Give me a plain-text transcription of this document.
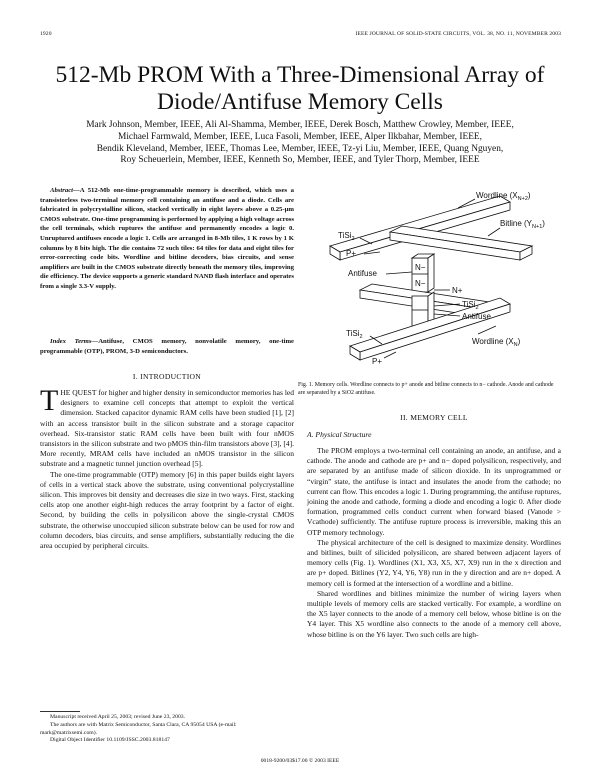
1920	IEEE JOURNAL OF SOLID-STATE CIRCUITS, VOL. 38, NO. 11, NOVEMBER 2003
512-Mb PROM With a Three-Dimensional Array of
Diode/Antifuse Memory Cells
Mark Johnson, Member, IEEE, Ali Al-Shamma, Member, IEEE, Derek Bosch, Matthew Crowley, Member, IEEE,
Michael Farmwald, Member, IEEE, Luca Fasoli, Member, IEEE, Alper Ilkbahar, Member, IEEE,
Bendik Kleveland, Member, IEEE, Thomas Lee, Member, IEEE, Tz-yi Liu, Member, IEEE, Quang Nguyen,
Roy Scheuerlein, Member, IEEE, Kenneth So, Member, IEEE, and Tyler Thorp, Member, IEEE

Abstract—A 512-Mb one-time-programmable memory is described, which uses a transistorless two-terminal memory cell containing an antifuse and a diode. Cells are fabricated in polycrystalline silicon, stacked vertically in eight layers above a 0.25-μm CMOS substrate. One-time programming is performed by applying a high voltage across the cell terminals, which ruptures the antifuse and permanently encodes a logic 0. Unruptured antifuses encode a logic 1. Cells are arranged in 8-Mb tiles, 1 K rows by 1 K columns by 8 bits high. The die contains 72 such tiles: 64 tiles for data and eight tiles for error-correcting code bits. Wordline and bitline decoders, bias circuits, and sense amplifiers are built in the CMOS substrate directly beneath the memory tiles, improving die efficiency. The device supports a generic standard NAND flash interface and operates from a single 3.3-V supply.

Index Terms—Antifuse, CMOS memory, nonvolatile memory, one-time programmable (OTP), PROM, 3-D semiconductors.

I. INTRODUCTION

THE QUEST for higher and higher density in semiconductor memories has led designers to examine cell concepts that attempt to exploit the vertical dimension. Stacked capacitor dynamic RAM cells have been studied [1], [2] with an access transistor built in the silicon substrate and a storage capacitor overhead. Six-transistor static RAM cells have been built with four nMOS transistors in the silicon substrate and two pMOS thin-film transistors above [3], [4]. More recently, MRAM cells have included an nMOS transistor in the silicon substrate and a magnetic tunnel junction overhead [5].

The one-time programmable (OTP) memory [6] in this paper builds eight layers of cells in a vertical stack above the substrate, using conventional polycrystalline silicon. This improves bit density and decreases die size in two ways. First, stacking cells atop one another eight-high reduces the array footprint by a factor of eight. Second, by building the cells in polysilicon above the single-crystal CMOS substrate, the otherwise unoccupied silicon substrate below can be used for row and column decoders, bias circuits, and sense amplifiers, substantially reducing the die area occupied by peripheral circuits.

Manuscript received April 25, 2003; revised June 23, 2003.
The authors are with Matrix Semiconductor, Santa Clara, CA 95054 USA (e-mail: mark@matrixsemi.com).
Digital Object Identifier 10.1109/JSSC.2003.818147
Wordline $(X_{N+2})$
Bitline $(Y_{N+1})$
TiSi$_2$
P+
Antifuse
N−
N−
N+
TiSi$_2$
Antifuse
Wordline $(X_N)$
TiSi$_2$
P+
Fig. 1. Memory cells. Wordline connects to p+ anode and bitline connects to n− cathode. Anode and cathode are separated by a SiO2 antifuse.
II. MEMORY CELL
A. Physical Structure

The PROM employs a two-terminal cell containing an anode, an antifuse, and a cathode. The anode and cathode are p+ and n− doped polysilicon, respectively, and are separated by an antifuse made of silicon dioxide. In its unprogrammed or “virgin” state, the antifuse is intact and insulates the anode from the cathode; no current can flow. This encodes a logic 1. During programming, the antifuse ruptures, joining the anode and cathode, forming a diode and encoding a logic 0. After diode formation, programmed cells conduct current when forward biased (Vanode > Vcathode) sufficiently. The antifuse rupture process is irreversible, making this an OTP memory technology.

The physical architecture of the cell is designed to maximize density. Wordlines and bitlines, built of silicided polysilicon, are shared between adjacent layers of memory cells (Fig. 1). Wordlines (X1, X3, X5, X7, X9) run in the x direction and are p+ doped. Bitlines (Y2, Y4, Y6, Y8) run in the y direction and are n+ doped. A memory cell is formed at the intersection of a wordline and a bitline.

Shared wordlines and bitlines minimize the number of wiring layers when multiple levels of memory cells are stacked vertically. For example, a wordline on the X5 layer connects to the anode of a memory cell below, whose bitline is on the Y4 layer. This X5 wordline also connects to the anode of a memory cell above, whose bitline is on the Y6 layer. Two such cells are high-

0018-9200/03$17.00 © 2003 IEEE
